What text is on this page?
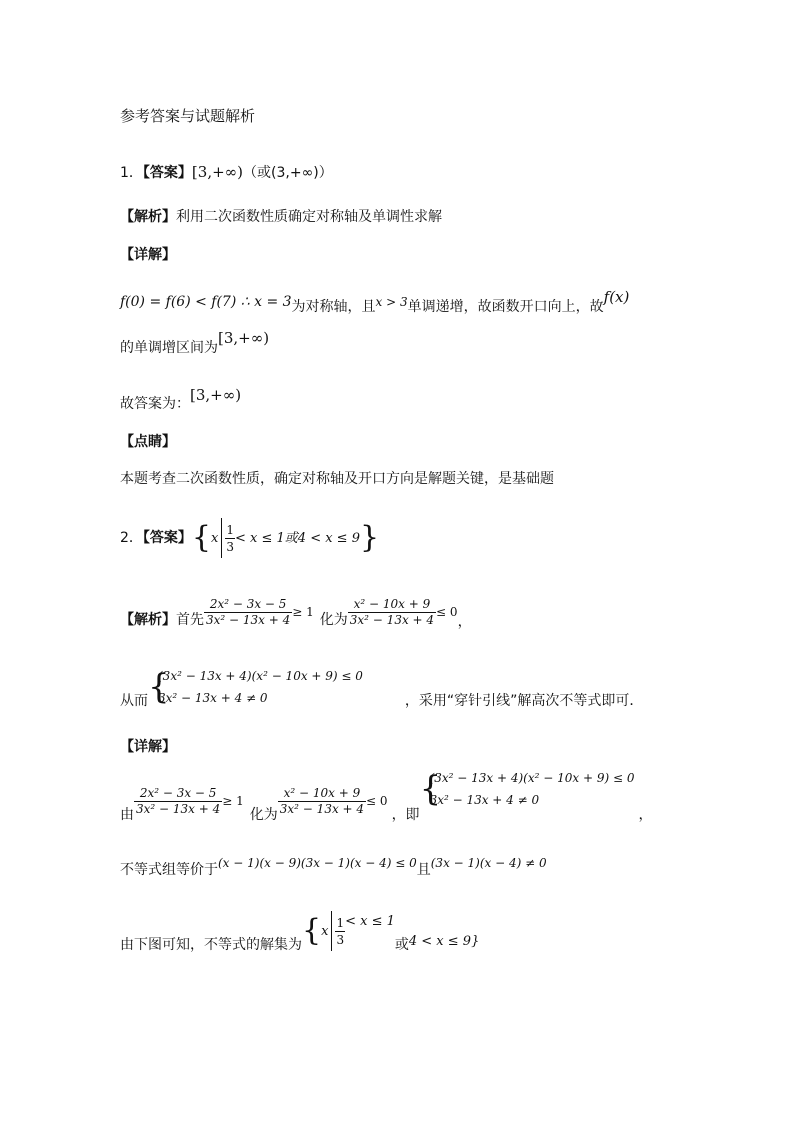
参考答案与试题解析
1．【答案】[3,+∞)（或(3,+∞)）
【解析】利用二次函数性质确定对称轴及单调性求解
【详解】
f(0) = f(6) < f(7) ∴ x = 3为对称轴，且x > 3单调递增，故函数开口向上，故f(x)
的单调增区间为[3,+∞)
故答案为：[3,+∞)
【点睛】
本题考查二次函数性质，确定对称轴及开口方向是解题关键，是基础题
2．【答案】{$x \frac{1}{3} < x \le 1$或4 < x ≤ 9}
【解析】首先 $\frac{\text{2x² − 3x − 5}}{\text{3x² − 13x + 4}} \ge 1$ 化为 $\frac{\text{x² − 10x + 9}}{\text{3x² − 13x + 4}} \le 0$，
从而 {
(3x² − 13x + 4)(x² − 10x + 9) ≤ 0
3x² − 13x + 4 ≠ 0	，采用“穿针引线”解高次不等式即可．
【详解】
由 $\frac{\text{2x² − 3x − 5}}{\text{3x² − 13x + 4}} \ge 1$化为 $\frac{\text{x² − 10x + 9}}{\text{3x² − 13x + 4}} \le 0$，即
{
(3x² − 13x + 4)(x² − 10x + 9) ≤ 0
3x² − 13x + 4 ≠ 0
，
不等式组等价于(x − 1)(x − 9)(3x − 1)(x − 4) ≤ 0且(3x − 1)(x − 4) ≠ 0
由下图可知，不等式的解集为{$x \frac{1}{3} < x \le 1$或4 < x ≤ 9}
